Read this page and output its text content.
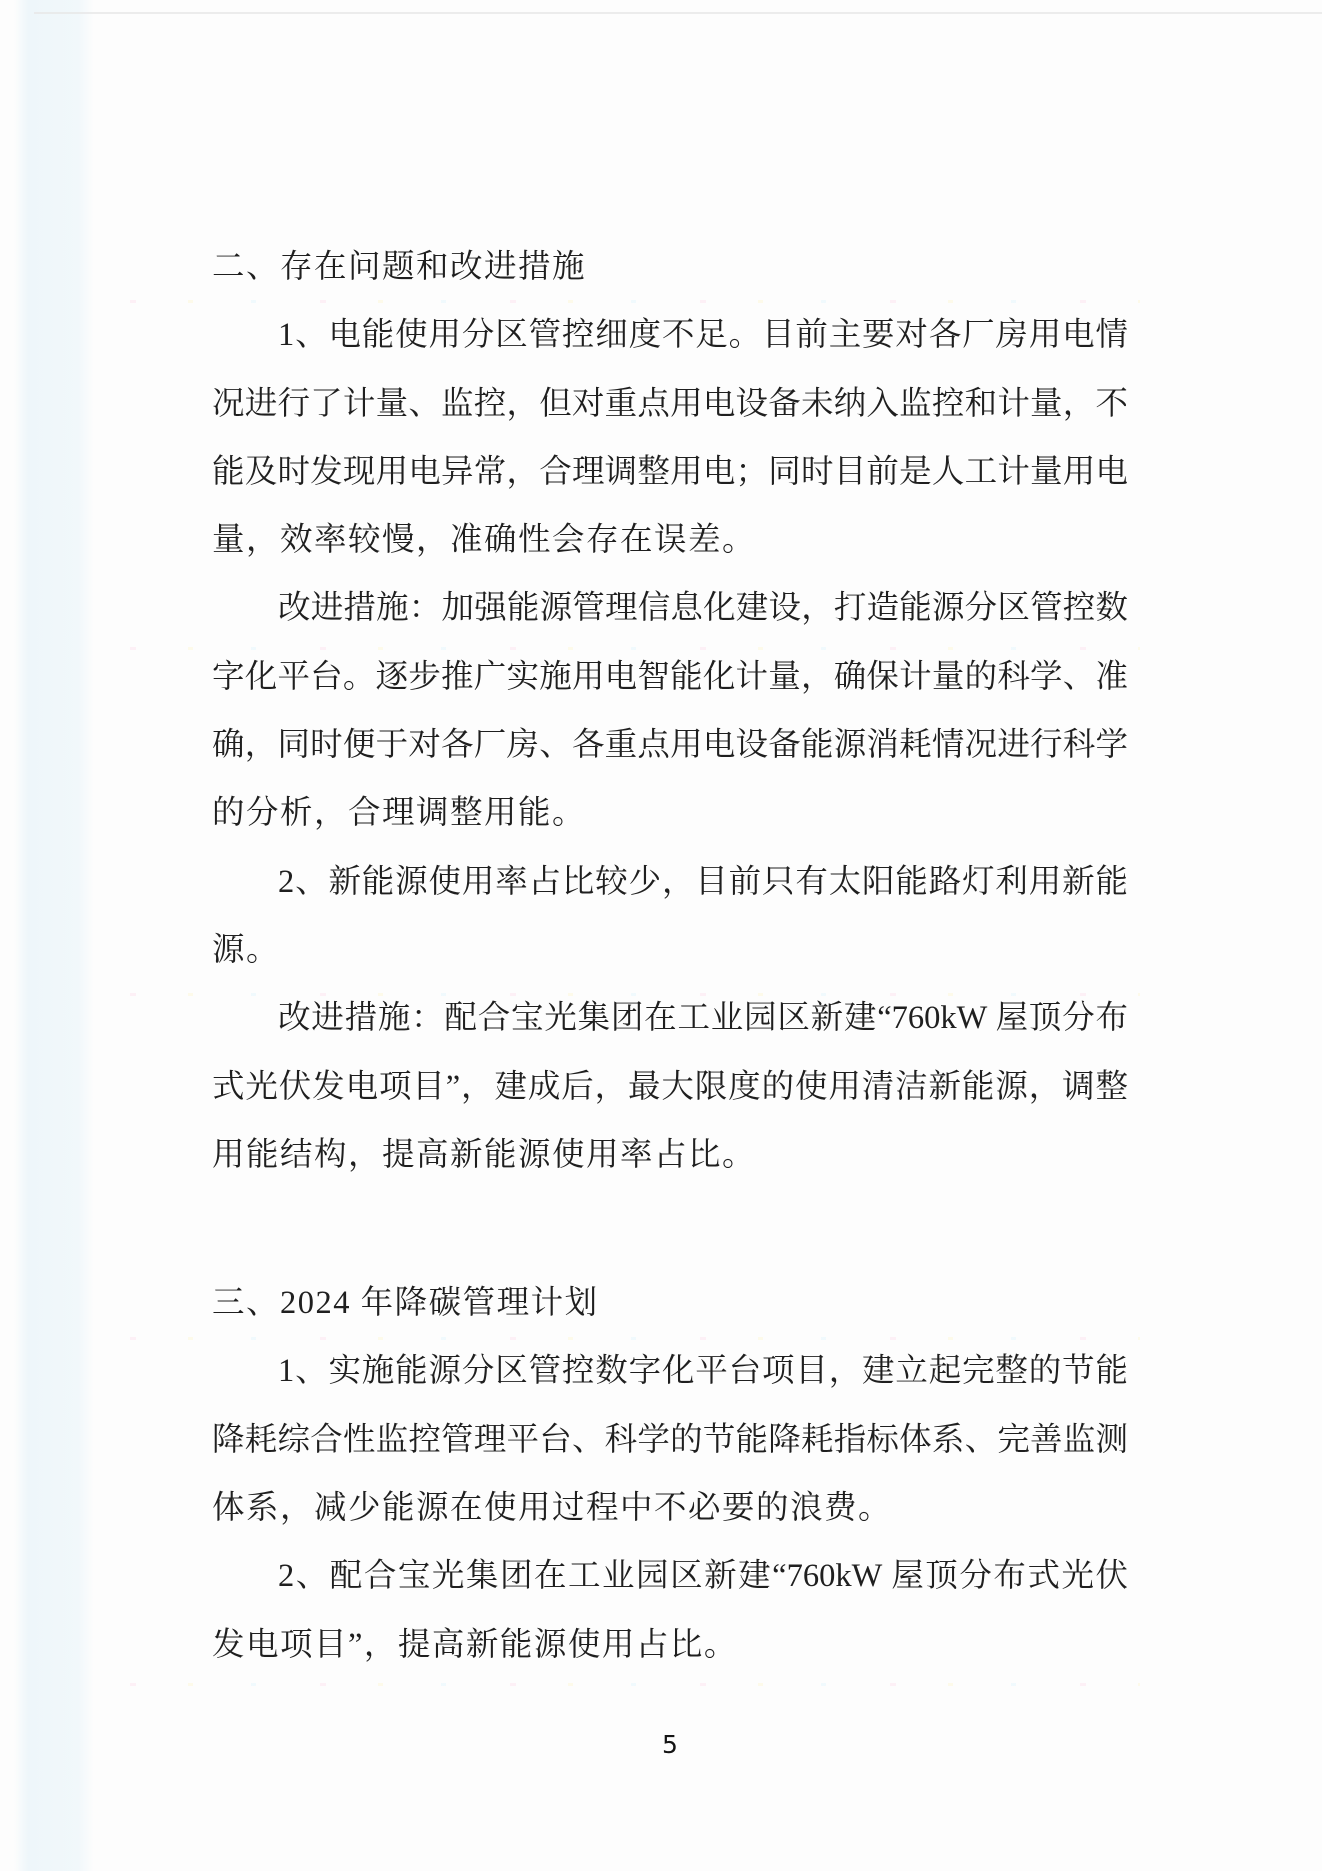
二、存在问题和改进措施
1、电能使用分区管控细度不足。目前主要对各厂房用电情
况进行了计量、监控，但对重点用电设备未纳入监控和计量，不
能及时发现用电异常，合理调整用电；同时目前是人工计量用电
量，效率较慢，准确性会存在误差。
改进措施：加强能源管理信息化建设，打造能源分区管控数
字化平台。逐步推广实施用电智能化计量，确保计量的科学、准
确，同时便于对各厂房、各重点用电设备能源消耗情况进行科学
的分析，合理调整用能。
2、新能源使用率占比较少，目前只有太阳能路灯利用新能
源。
改进措施：配合宝光集团在工业园区新建“760kW 屋顶分布
式光伏发电项目”，建成后，最大限度的使用清洁新能源，调整
用能结构，提高新能源使用率占比。
三、2024 年降碳管理计划
1、实施能源分区管控数字化平台项目，建立起完整的节能
降耗综合性监控管理平台、科学的节能降耗指标体系、完善监测
体系，减少能源在使用过程中不必要的浪费。
2、配合宝光集团在工业园区新建“760kW 屋顶分布式光伏
发电项目”，提高新能源使用占比。
5
